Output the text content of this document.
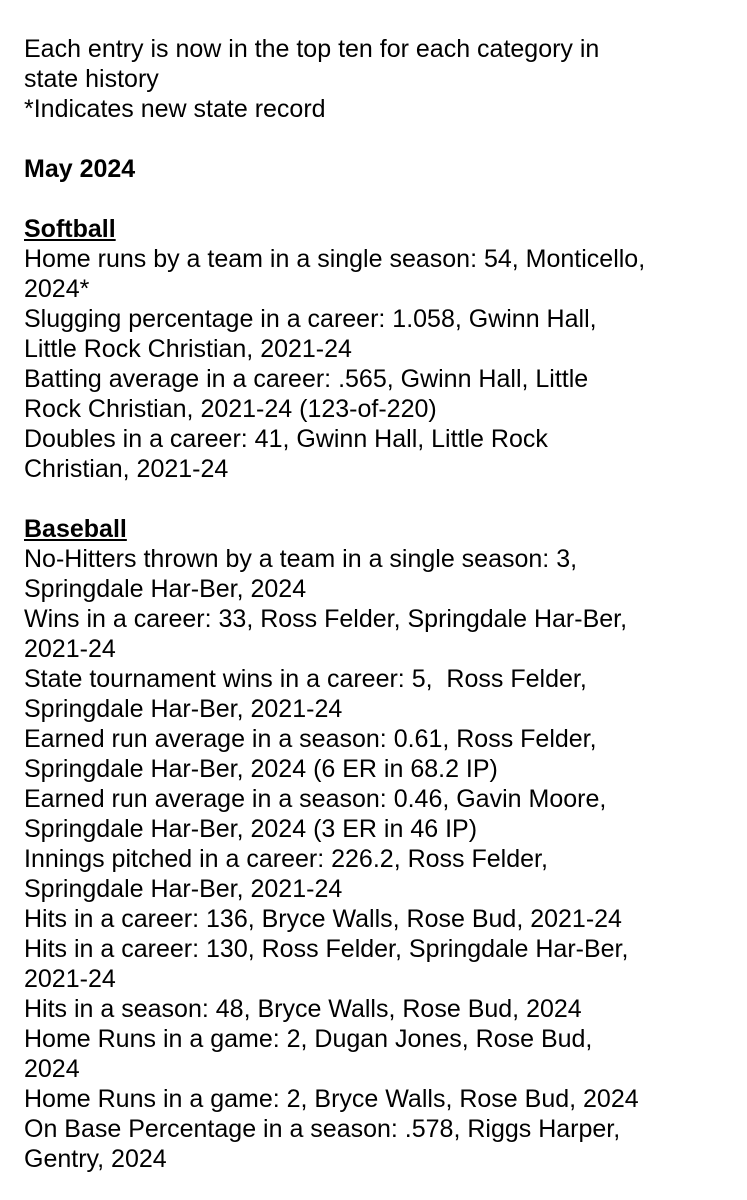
Each entry is now in the top ten for each category in
state history
*Indicates new state record
May 2024
Softball
Home runs by a team in a single season: 54, Monticello,
2024*
Slugging percentage in a career: 1.058, Gwinn Hall,
Little Rock Christian, 2021-24
Batting average in a career: .565, Gwinn Hall, Little
Rock Christian, 2021-24 (123-of-220)
Doubles in a career: 41, Gwinn Hall, Little Rock
Christian, 2021-24
Baseball
No-Hitters thrown by a team in a single season: 3,
Springdale Har-Ber, 2024
Wins in a career: 33, Ross Felder, Springdale Har-Ber,
2021-24
State tournament wins in a career: 5,  Ross Felder,
Springdale Har-Ber, 2021-24
Earned run average in a season: 0.61, Ross Felder,
Springdale Har-Ber, 2024 (6 ER in 68.2 IP)
Earned run average in a season: 0.46, Gavin Moore,
Springdale Har-Ber, 2024 (3 ER in 46 IP)
Innings pitched in a career: 226.2, Ross Felder,
Springdale Har-Ber, 2021-24
Hits in a career: 136, Bryce Walls, Rose Bud, 2021-24
Hits in a career: 130, Ross Felder, Springdale Har-Ber,
2021-24
Hits in a season: 48, Bryce Walls, Rose Bud, 2024
Home Runs in a game: 2, Dugan Jones, Rose Bud,
2024
Home Runs in a game: 2, Bryce Walls, Rose Bud, 2024
On Base Percentage in a season: .578, Riggs Harper,
Gentry, 2024
